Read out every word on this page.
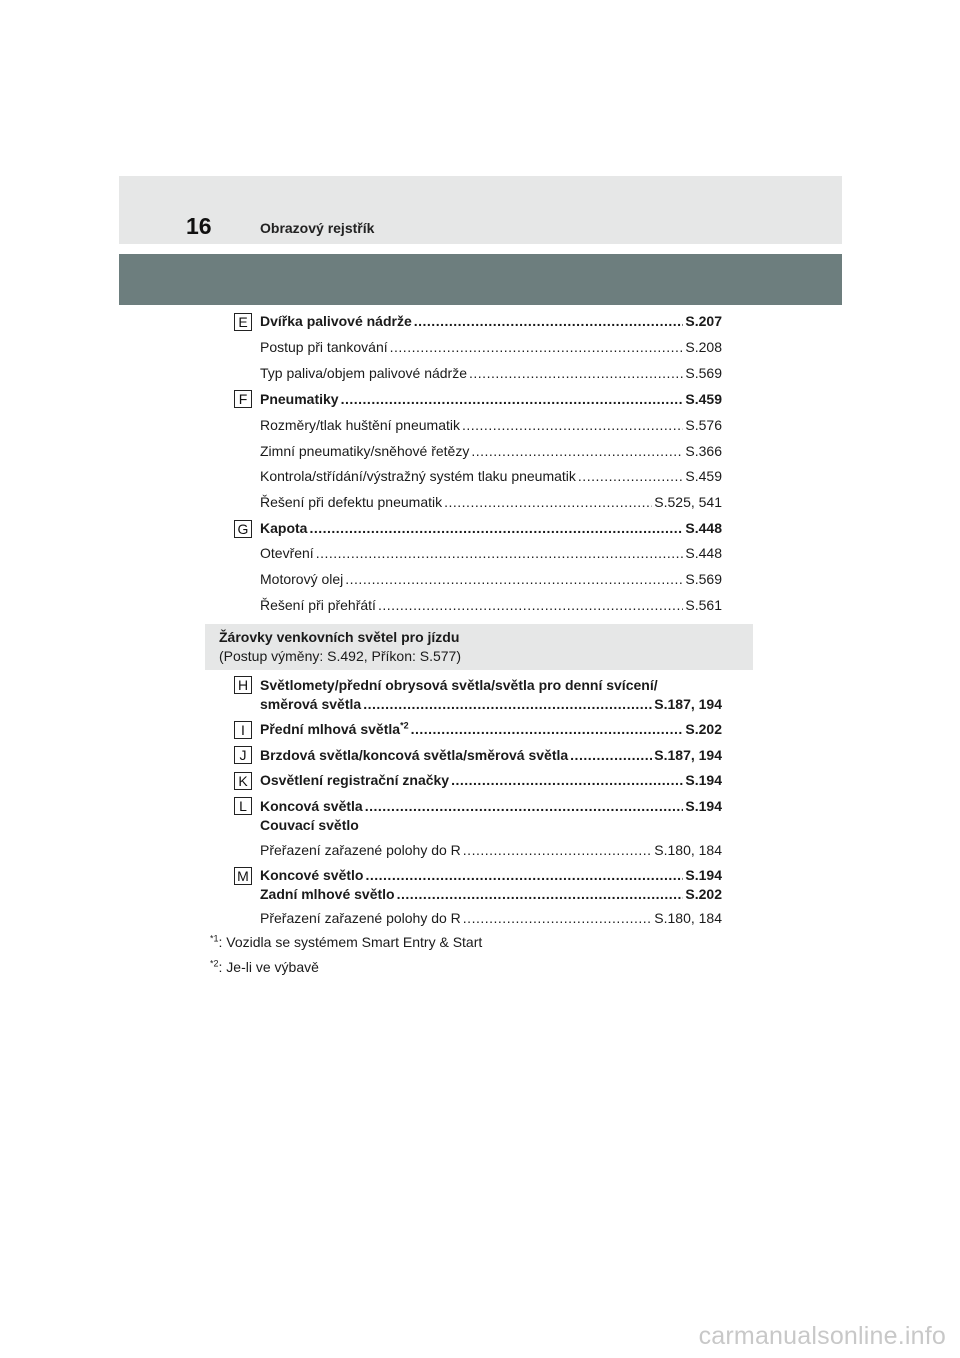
16	Obrazový rejstřík
E Dvířka palivové nádrže .....	S.207
Postup při tankování .....	S.208
Typ paliva/objem palivové nádrže .....	S.569
F Pneumatiky .....	S.459
Rozměry/tlak huštění pneumatik .....	S.576
Zimní pneumatiky/sněhové řetězy .....	S.366
Kontrola/střídání/výstražný systém tlaku pneumatik .....	S.459
Řešení při defektu pneumatik .....	S.525, 541
G Kapota .....	S.448
Otevření .....	S.448
Motorový olej .....	S.569
Řešení při přehřátí .....	S.561
Žárovky venkovních světel pro jízdu
(Postup výměny: S.492, Příkon: S.577)
H Světlomety/přední obrysová světla/světla pro denní svícení/
směrová světla .....	S.187, 194
I	Přední mlhová světla$^{*2}$ .....	S.202
J Brzdová světla/koncová světla/směrová světla .....	S.187, 194
K Osvětlení registrační značky .....	S.194
L Koncová světla .....	S.194
Couvací světlo
Přeřazení zařazené polohy do R .....	S.180, 184
M Koncové světlo .....	S.194
Zadní mlhové světlo .....	S.202
Přeřazení zařazené polohy do R .....	S.180, 184
$^{*1}$: Vozidla se systémem Smart Entry & Start
$^{*2}$: Je-li ve výbavě
carmanualsonline.info
